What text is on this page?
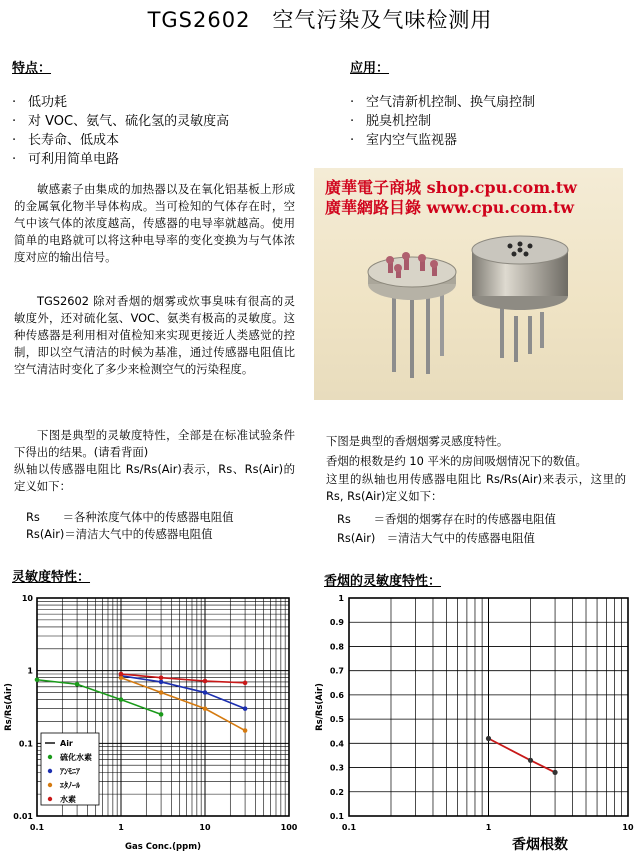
TGS2602　空气污染及气味检测用
特点：
· 低功耗
· 对 VOC、氨气、硫化氢的灵敏度高
· 长寿命、低成本
· 可利用简单电路
应用：
· 空气清新机控制、换气扇控制
· 脱臭机控制
· 室内空气监视器
敏感素子由集成的加热器以及在氧化铝基板上形成的金属氧化物半导体构成。当可检知的气体存在时，空气中该气体的浓度越高，传感器的电导率就越高。使用简单的电路就可以将这种电导率的变化变换为与气体浓度对应的输出信号。
TGS2602 除对香烟的烟雾或炊事臭味有很高的灵敏度外，还对硫化氢、VOC、氨类有极高的灵敏度。这种传感器是利用相对值检知来实现更接近人类感觉的控制，即以空气清洁的时候为基准，通过传感器电阻值比空气清洁时变化了多少来检测空气的污染程度。
下图是典型的灵敏度特性，全部是在标准试验条件下得出的结果。(请看背面)
纵轴以传感器电阻比 Rs/Rs(Air)表示，Rs、Rs(Air)的定义如下：
Rs　　＝各种浓度气体中的传感器电阻值
Rs(Air)＝清洁大气中的传感器电阻值
廣華電子商城 shop.cpu.com.tw
廣華網路目錄 www.cpu.com.tw
下图是典型的香烟烟雾灵感度特性。
香烟的根数是约 10 平米的房间吸烟情况下的数值。
这里的纵轴也用传感器电阻比 Rs/Rs(Air)来表示，这里的 Rs, Rs(Air)定义如下：
Rs　　＝香烟的烟雾存在时的传感器电阻值
Rs(Air)　＝清洁大气中的传感器电阻值
灵敏度特性：	香烟的灵敏度特性：
0.1	1	10	100
0.01
0.1
1
10
Gas Conc.(ppm)
Rs/Rs(Air)
Air
硫化水素
ｱﾝﾓﾆｱ
ｴﾀﾉｰﾙ
水素
0.1	1	10
0.1
0.2
0.3
0.4
0.5
0.6
0.7
0.8
0.9
1
香烟根数
Rs/Rs(Air)
